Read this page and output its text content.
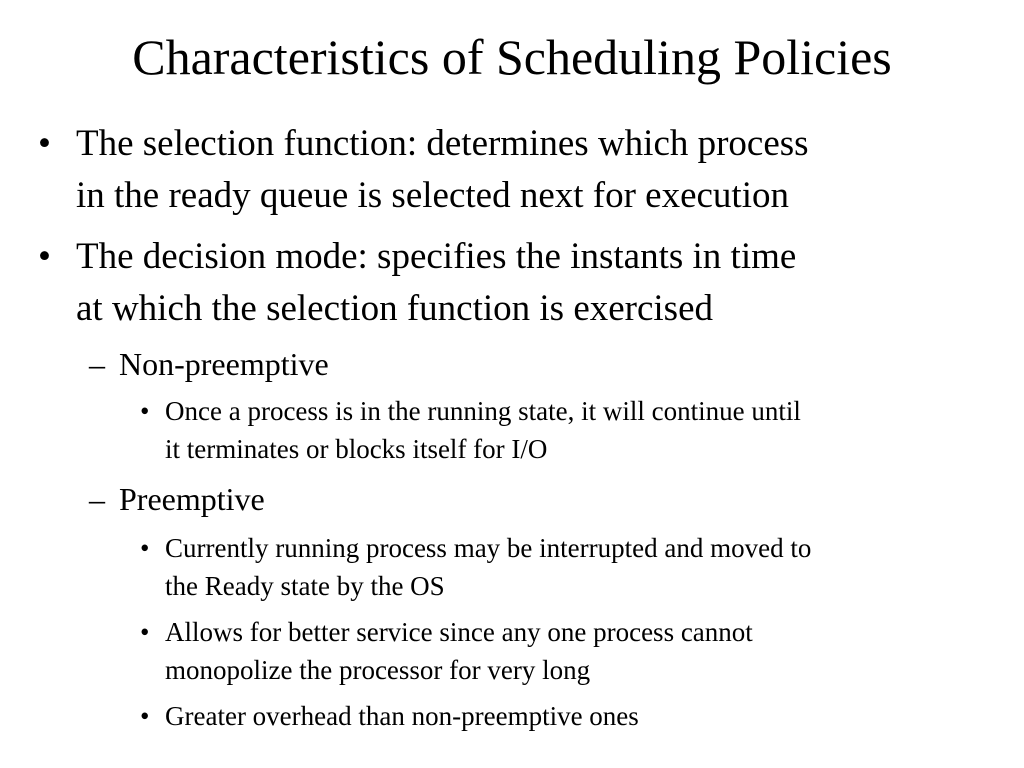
Characteristics of Scheduling Policies
• The selection function: determines which process
in the ready queue is selected next for execution
• The decision mode: specifies the instants in time
at which the selection function is exercised
– Non-preemptive
• Once a process is in the running state, it will continue until
it terminates or blocks itself for I/O
– Preemptive
• Currently running process may be interrupted and moved to
the Ready state by the OS
• Allows for better service since any one process cannot
monopolize the processor for very long
• Greater overhead than non-preemptive ones
